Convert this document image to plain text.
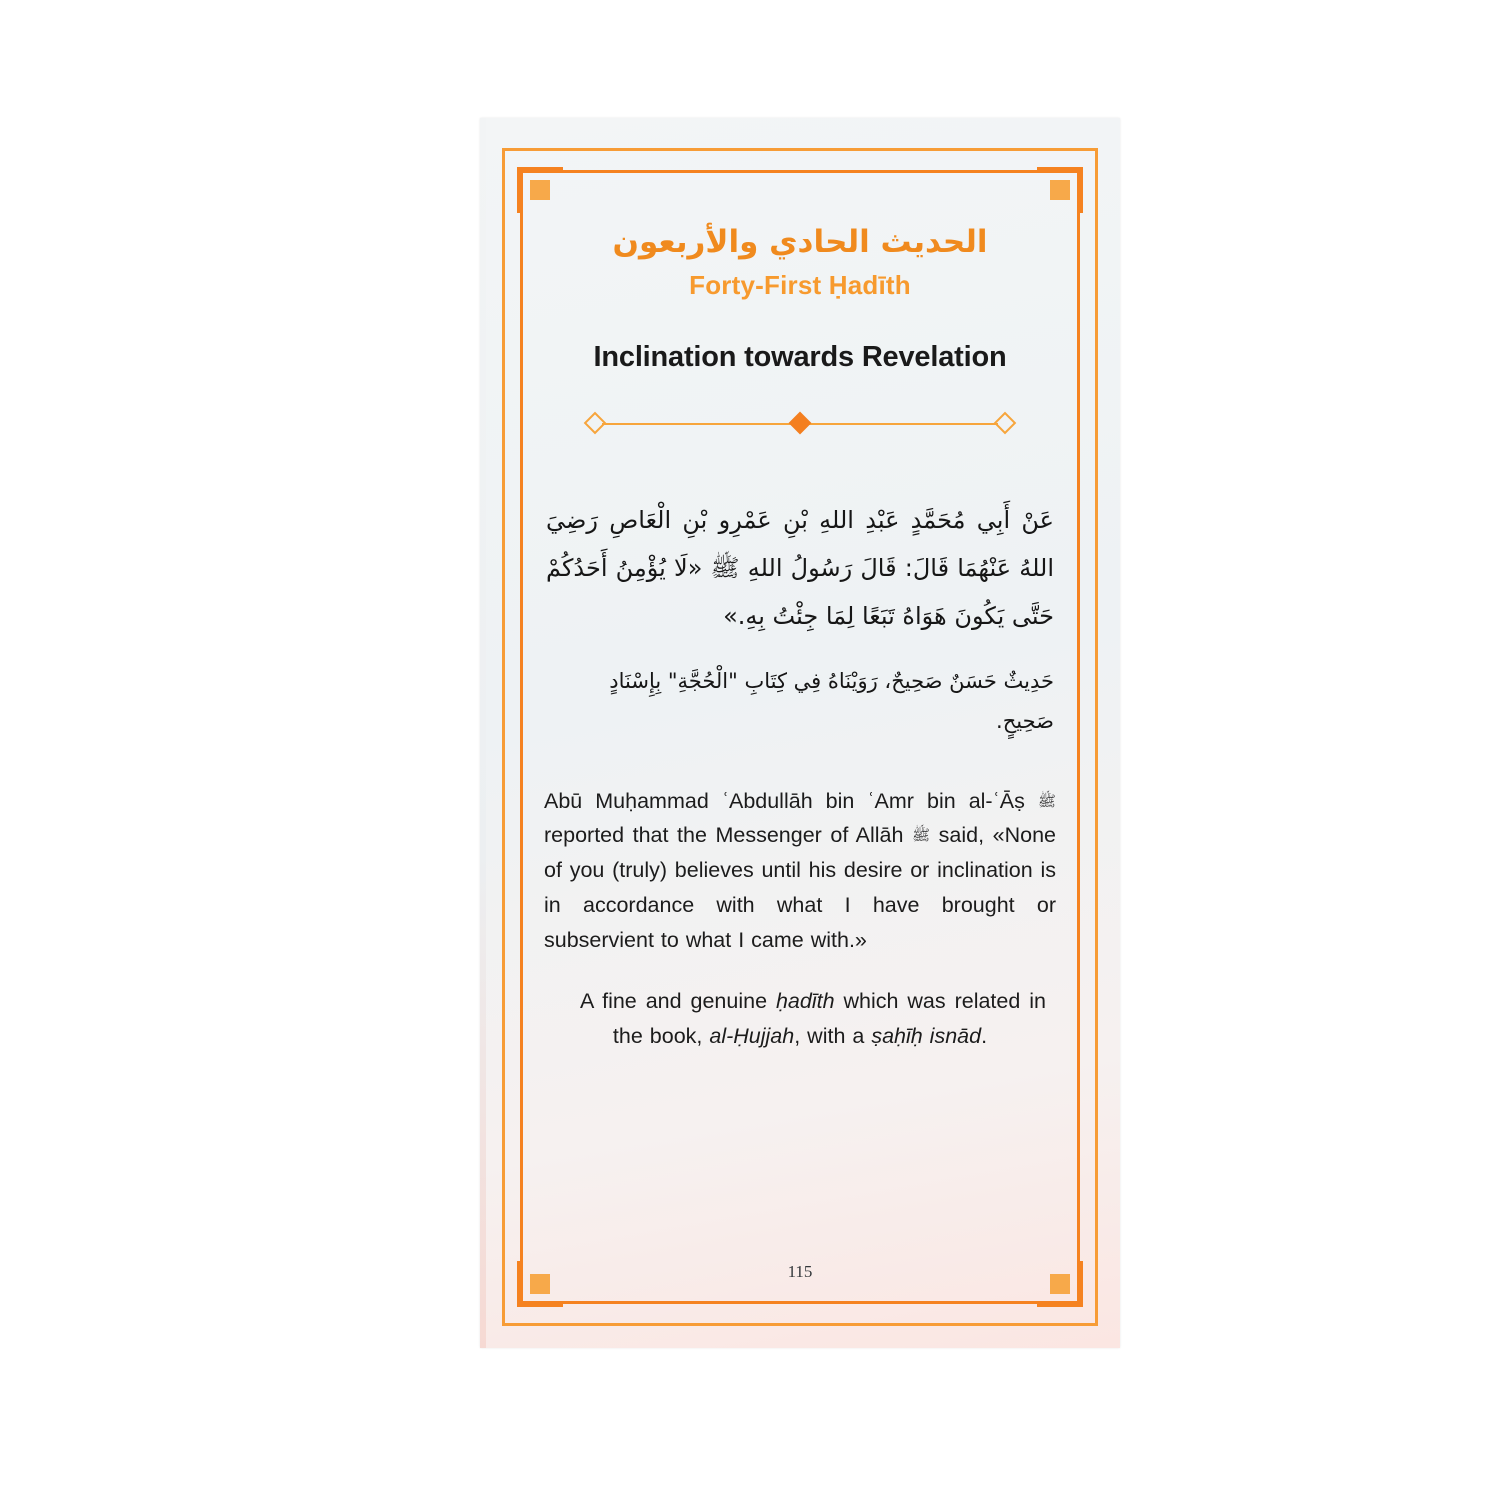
الحديث الحادي والأربعون
Forty-First Ḥadīth
Inclination towards Revelation
عَنْ أَبِي مُحَمَّدٍ عَبْدِ اللهِ بْنِ عَمْرِو بْنِ الْعَاصِ رَضِيَ اللهُ عَنْهُمَا قَالَ: قَالَ رَسُولُ اللهِ ﷺ «لَا يُؤْمِنُ أَحَدُكُمْ حَتَّى يَكُونَ هَوَاهُ تَبَعًا لِمَا جِئْتُ بِهِ.»
حَدِيثٌ حَسَنٌ صَحِيحٌ، رَوَيْنَاهُ فِي كِتَابِ "الْحُجَّةِ" بِإِسْنَادٍ صَحِيحٍ.

Abū Muḥammad ʿAbdullāh bin ʿAmr bin al-ʿĀṣ ﷺ reported that the Messenger of Allāh ﷺ said, «None of you (truly) believes until his desire or inclination is in accordance with what I have brought or subservient to what I came with.»

A fine and genuine ḥadīth which was related in the book, al-Ḥujjah, with a ṣaḥīḥ isnād.

115
